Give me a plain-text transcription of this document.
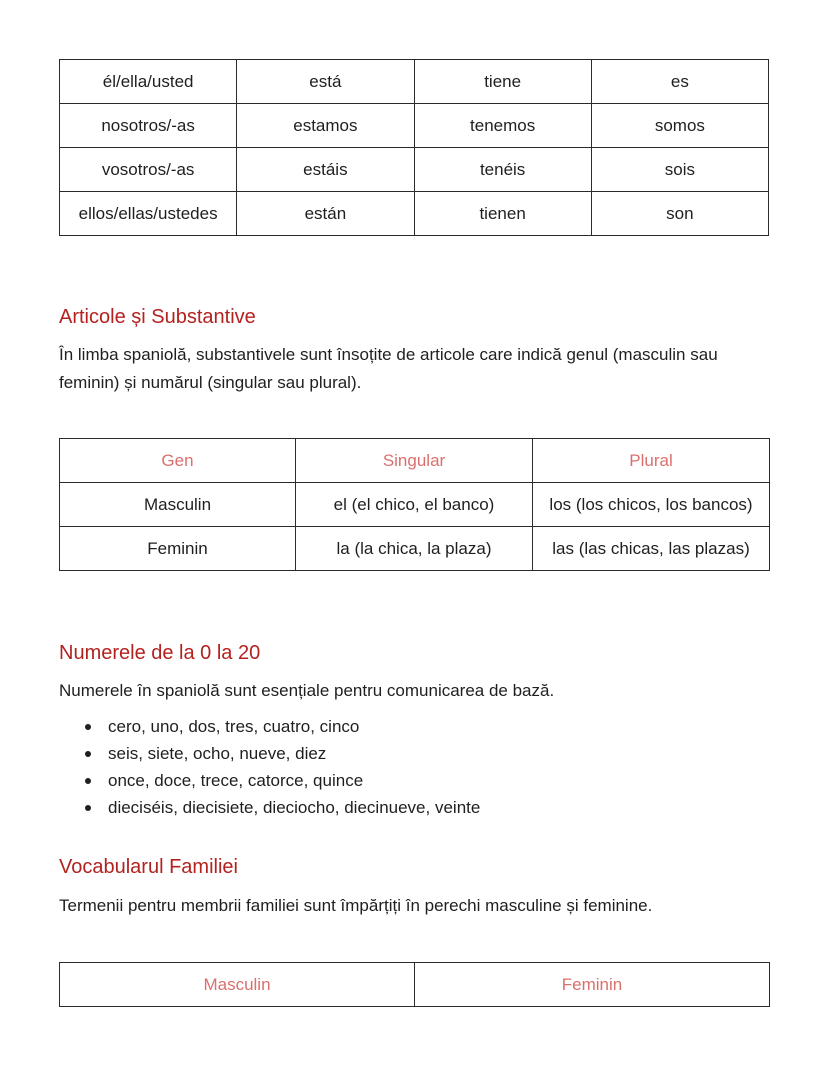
él/ella/usted	está	tiene	es
nosotros/-as	estamos	tenemos	somos
vosotros/-as	estáis	tenéis	sois
ellos/ellas/ustedes	están	tienen	son
Articole și Substantive

În limba spaniolă, substantivele sunt însoțite de articole care indică genul (masculin sau feminin) și numărul (singular sau plural).

Gen	Singular	Plural
Masculin	el (el chico, el banco)	los (los chicos, los bancos)
Feminin	la (la chica, la plaza)	las (las chicas, las plazas)
Numerele de la 0 la 20

Numerele în spaniolă sunt esențiale pentru comunicarea de bază.

cero, uno, dos, tres, cuatro, cinco
seis, siete, ocho, nueve, diez
once, doce, trece, catorce, quince
dieciséis, diecisiete, dieciocho, diecinueve, veinte
Vocabularul Familiei

Termenii pentru membrii familiei sunt împărțiți în perechi masculine și feminine.

Masculin	Feminin
